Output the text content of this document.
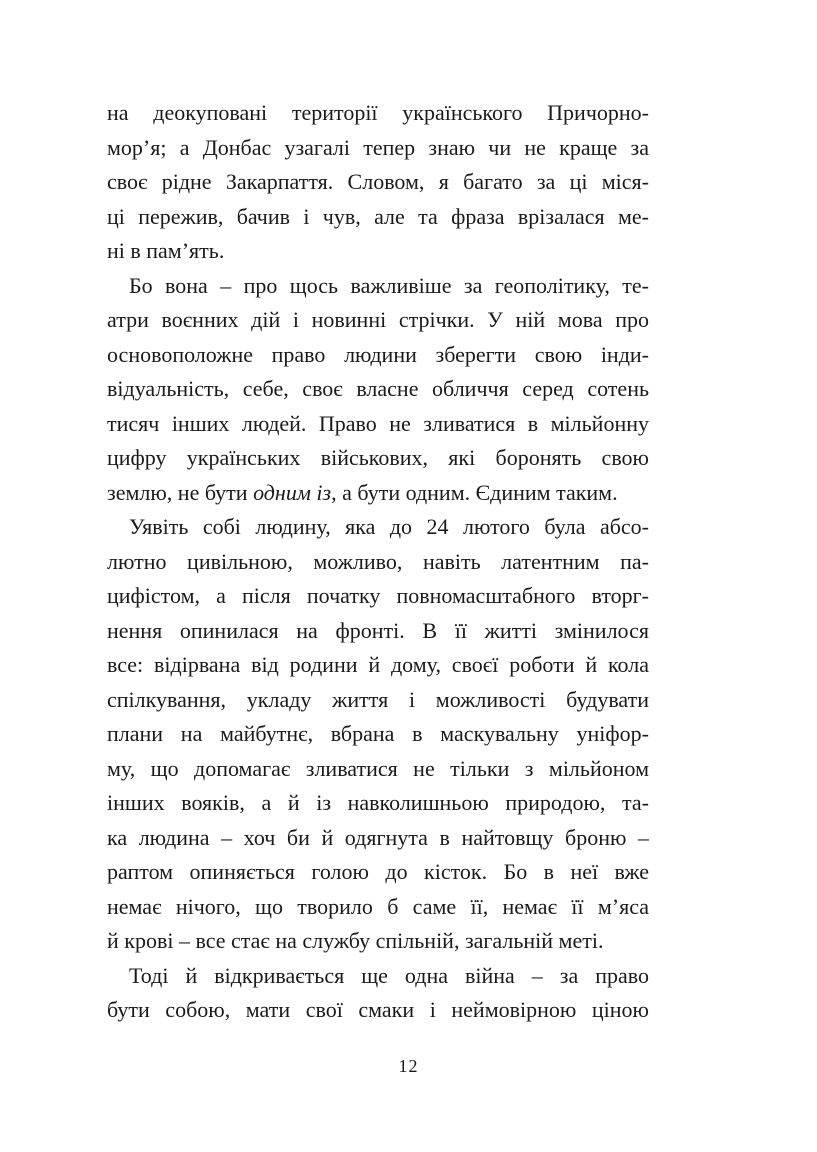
на деокуповані території українського Причорно-
мор’я; а Донбас узагалі тепер знаю чи не краще за
своє рідне Закарпаття. Словом, я багато за ці міся-
ці пережив, бачив і чув, але та фраза врізалася ме-
ні в пам’ять.
Бо вона – про щось важливіше за геополітику, те-
атри воєнних дій і новинні стрічки. У ній мова про
основоположне право людини зберегти свою інди-
відуальність, себе, своє власне обличчя серед сотень
тисяч інших людей. Право не зливатися в мільйонну
цифру українських військових, які боронять свою
землю, не бути одним із, а бути одним. Єдиним таким.
Уявіть собі людину, яка до 24 лютого була абсо-
лютно цивільною, можливо, навіть латентним па-
цифістом, а після початку повномасштабного вторг-
нення опинилася на фронті. В її житті змінилося
все: відірвана від родини й дому, своєї роботи й кола
спілкування, укладу життя і можливості будувати
плани на майбутнє, вбрана в маскувальну уніфор-
му, що допомагає зливатися не тільки з мільйоном
інших вояків, а й із навколишньою природою, та-
ка людина – хоч би й одягнута в найтовщу броню –
раптом опиняється голою до кісток. Бо в неї вже
немає нічого, що творило б саме її, немає її м’яса
й крові – все стає на службу спільній, загальній меті.
Тоді й відкривається ще одна війна – за право
бути собою, мати свої смаки і неймовірною ціною
12
